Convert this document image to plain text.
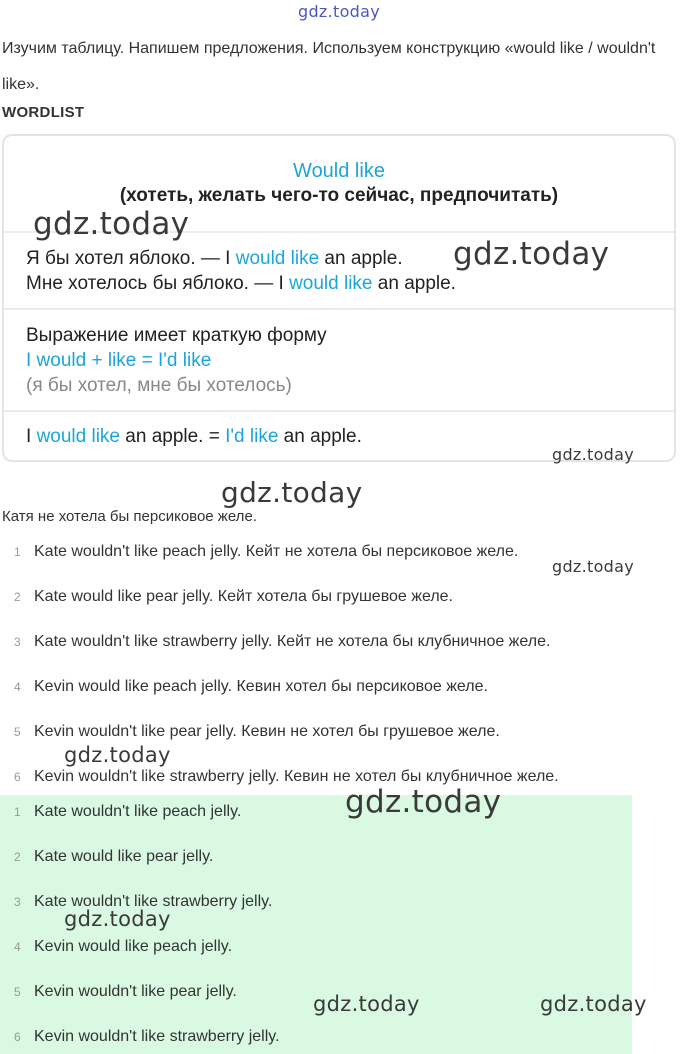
gdz.today
Изучим таблицу. Напишем предложения. Используем конструкцию «would like / wouldn't like».
WORDLIST
Would like
(хотеть, желать чего-то сейчас, предпочитать)
Я бы хотел яблоко. — I would like an apple.
Мне хотелось бы яблоко. — I would like an apple.
Выражение имеет краткую форму
I would + like = I'd like
(я бы хотел, мне бы хотелось)
I would like an apple. = I'd like an apple.
Катя не хотела бы персиковое желе.
1 Kate wouldn't like peach jelly. Кейт не хотела бы персиковое желе.
2 Kate would like pear jelly. Кейт хотела бы грушевое желе.
3 Kate wouldn't like strawberry jelly. Кейт не хотела бы клубничное желе.
4 Kevin would like peach jelly. Кевин хотел бы персиковое желе.
5 Kevin wouldn't like pear jelly. Кевин не хотел бы грушевое желе.
6 Kevin wouldn't like strawberry jelly. Кевин не хотел бы клубничное желе.
1 Kate wouldn't like peach jelly.
2 Kate would like pear jelly.
3 Kate wouldn't like strawberry jelly.
4 Kevin would like peach jelly.
5 Kevin wouldn't like pear jelly.
6 Kevin wouldn't like strawberry jelly.
gdz.today
gdz.today
gdz.today
gdz.today
gdz.today
gdz.today
gdz.today
gdz.today
gdz.today	gdz.today
